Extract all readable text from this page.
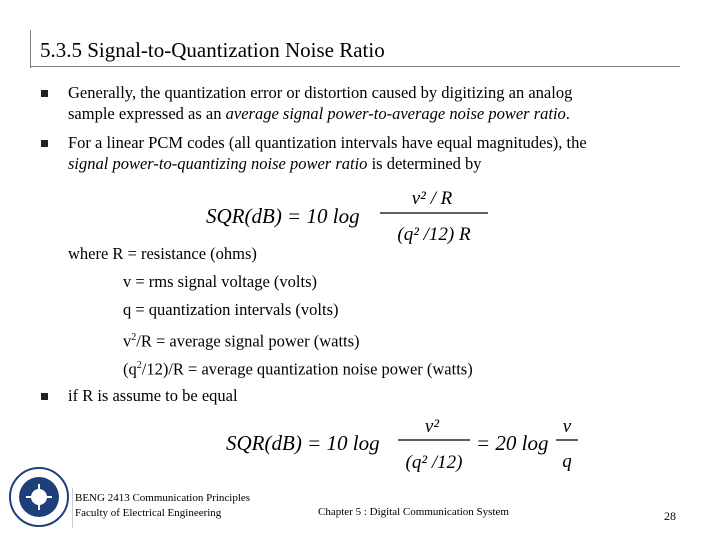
5.3.5 Signal-to-Quantization Noise Ratio
Generally, the quantization error or distortion caused by digitizing an analog
sample expressed as an average signal power-to-average noise power ratio.
For a linear PCM codes (all quantization intervals have equal magnitudes), the
signal power-to-quantizing noise power ratio is determined by
SQR(dB) = 10 log
v² / R
(q² /12) R
where R = resistance (ohms)
v = rms signal voltage (volts)
q = quantization intervals (volts)
$v^2/R$ = average signal power (watts)
$(q^2/12)/R$ = average quantization noise power (watts)
if R is assume to be equal
SQR(dB) = 10 log
v²
(q² /12)
= 20 log
v
q
BENG 2413 Communication Principles
Faculty of Electrical Engineering	Chapter 5 : Digital Communication System	28
